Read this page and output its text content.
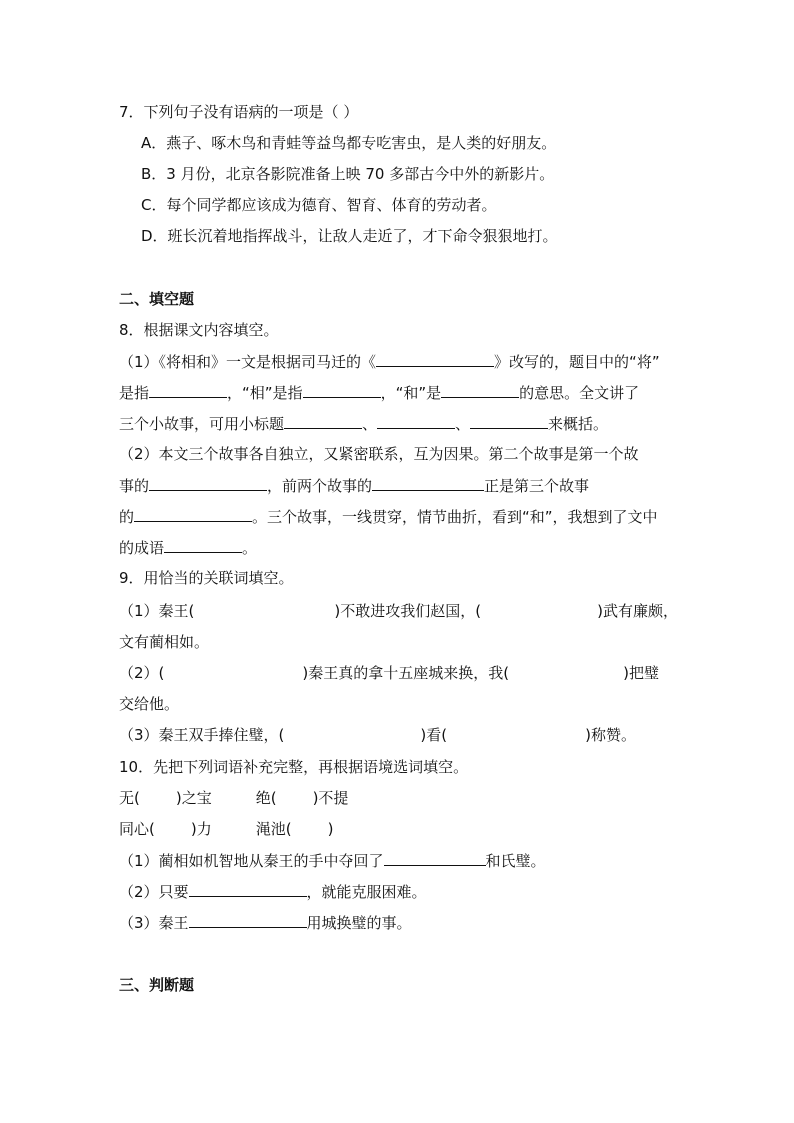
7．下列句子没有语病的一项是（ ）
A．燕子、啄木鸟和青蛙等益鸟都专吃害虫，是人类的好朋友。
B．3 月份，北京各影院准备上映 70 多部古今中外的新影片。
C．每个同学都应该成为德育、智育、体育的劳动者。
D．班长沉着地指挥战斗，让敌人走近了，才下命令狠狠地打。
二、填空题
8．根据课文内容填空。
（1）《将相和》一文是根据司马迁的《	》改写的，题目中的“将”
是指	，“相”是指	，“和”是	的意思。全文讲了
三个小故事，可用小标题	、	、	来概括。
（2）本文三个故事各自独立，又紧密联系，互为因果。第二个故事是第一个故
事的	，前两个故事的	正是第三个故事
的	。三个故事，一线贯穿，情节曲折，看到“和”，我想到了文中
的成语	。
9．用恰当的关联词填空。
（1）秦王(	)不敢进攻我们赵国，(	)武有廉颇，
文有蔺相如。
（2）(	)秦王真的拿十五座城来换，我(	)把璧
交给他。
（3）秦王双手捧住璧，(	)看(	)称赞。
10．先把下列词语补充完整，再根据语境选词填空。
无( )之宝	绝( )不提
同心( )力	渑池( )
（1）蔺相如机智地从秦王的手中夺回了	和氏璧。
（2）只要	，就能克服困难。
（3）秦王	用城换璧的事。
三、判断题
